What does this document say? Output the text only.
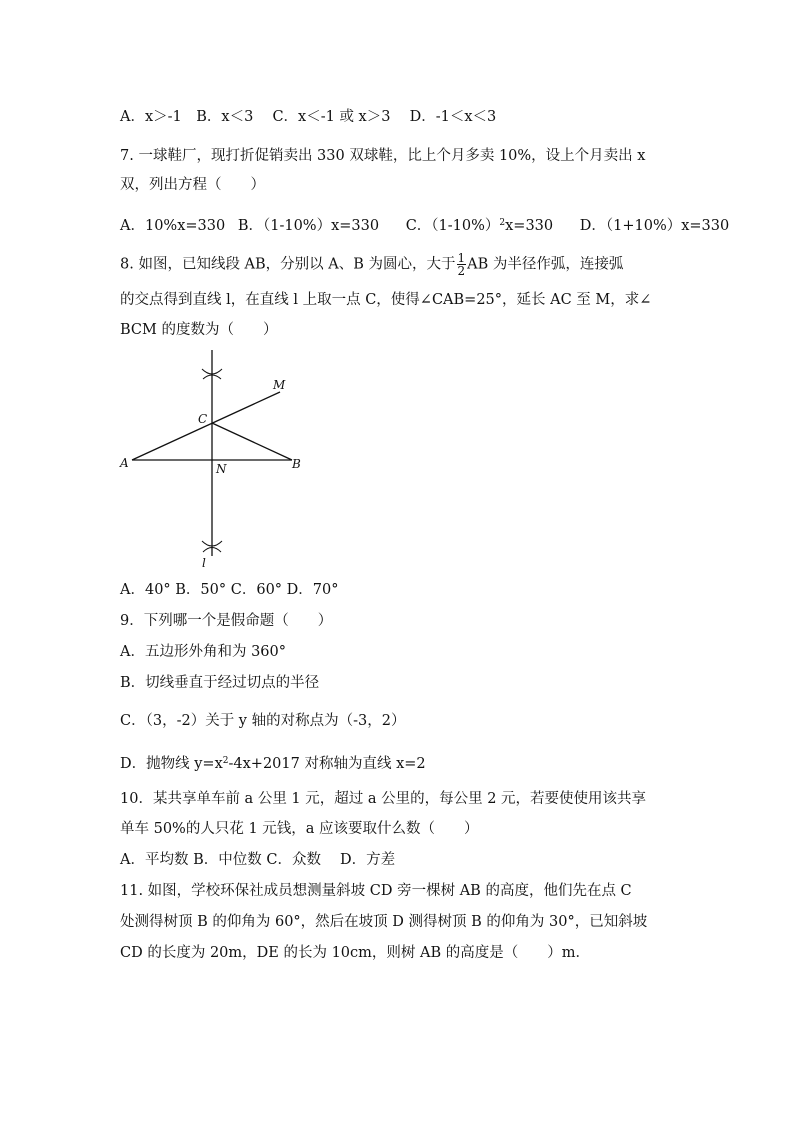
A．x＞-1　B．x＜3　 C．x＜-1 或 x＞3　 D．-1＜x＜3
7. 一球鞋厂，现打折促销卖出 330 双球鞋，比上个月多卖 10%，设上个月卖出 x
双，列出方程（　　）
A．10%x=330 B．（1-10%）x=330 C．$(1-10\%)^2x=330$ D．（1+10%）x=330
8. 如图，已知线段 AB，分别以 A、B 为圆心，大于 $\frac{1}{2}$ AB 为半径作弧，连接弧
的交点得到直线 l，在直线 l 上取一点 C，使得∠CAB=25°，延长 AC 至 M，求∠
BCM 的度数为（　　）
M
C
A	N	B
l
A．40° B．50° C．60° D．70°
9．下列哪一个是假命题（　　）
A．五边形外角和为 360°
B．切线垂直于经过切点的半径
C．（3，-2）关于 y 轴的对称点为（-3，2）
D．抛物线 $y=x^2-4x+2017$ 对称轴为直线 x=2
10．某共享单车前 a 公里 1 元，超过 a 公里的，每公里 2 元，若要使使用该共享
单车 50%的人只花 1 元钱，a 应该要取什么数（　　）
A．平均数 B．中位数 C．众数　 D．方差
11. 如图，学校环保社成员想测量斜坡 CD 旁一棵树 AB 的高度，他们先在点 C
处测得树顶 B 的仰角为 60°，然后在坡顶 D 测得树顶 B 的仰角为 30°，已知斜坡
CD 的长度为 20m，DE 的长为 10cm，则树 AB 的高度是（　　）m．
